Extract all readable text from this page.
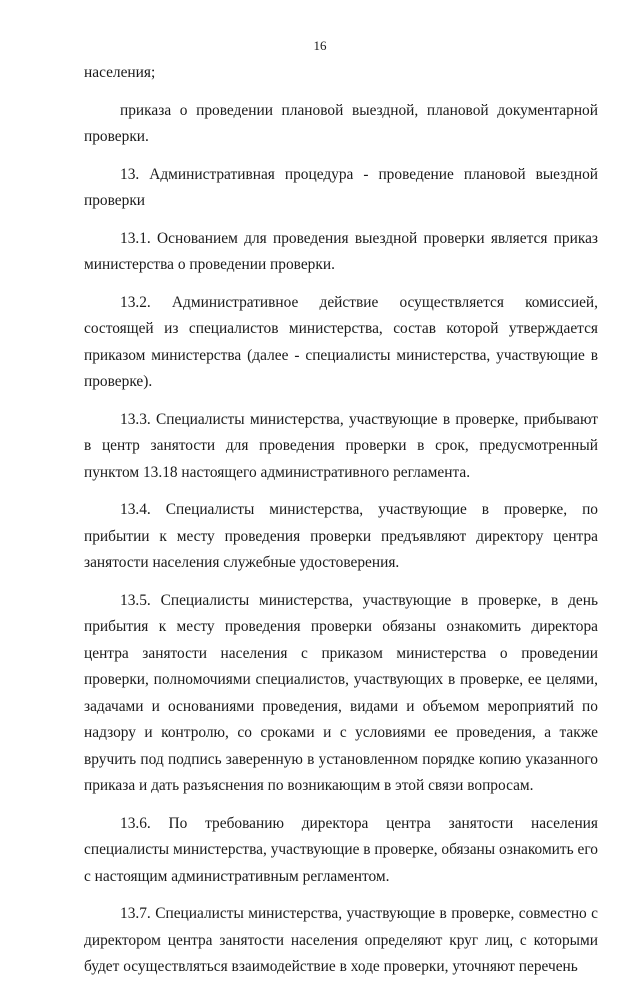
16

населения;

приказа о проведении плановой выездной, плановой документарной проверки.

13. Административная процедура - проведение плановой выездной проверки

13.1. Основанием для проведения выездной проверки является приказ министерства о проведении проверки.

13.2. Административное действие осуществляется комиссией, состоящей из специалистов министерства, состав которой утверждается приказом министерства (далее - специалисты министерства, участвующие в проверке).

13.3. Специалисты министерства, участвующие в проверке, прибывают в центр занятости для проведения проверки в срок, предусмотренный пунктом 13.18 настоящего административного регламента.

13.4. Специалисты министерства, участвующие в проверке, по прибытии к месту проведения проверки предъявляют директору центра занятости населения служебные удостоверения.

13.5. Специалисты министерства, участвующие в проверке, в день прибытия к месту проведения проверки обязаны ознакомить директора центра занятости населения с приказом министерства о проведении проверки, полномочиями специалистов, участвующих в проверке, ее целями, задачами и основаниями проведения, видами и объемом мероприятий по надзору и контролю, со сроками и с условиями ее проведения, а также вручить под подпись заверенную в установленном порядке копию указанного приказа и дать разъяснения по возникающим в этой связи вопросам.

13.6. По требованию директора центра занятости населения специалисты министерства, участвующие в проверке, обязаны ознакомить его с настоящим административным регламентом.

13.7. Специалисты министерства, участвующие в проверке, совместно с директором центра занятости населения определяют круг лиц, с которыми будет осуществляться взаимодействие в ходе проверки, уточняют перечень
